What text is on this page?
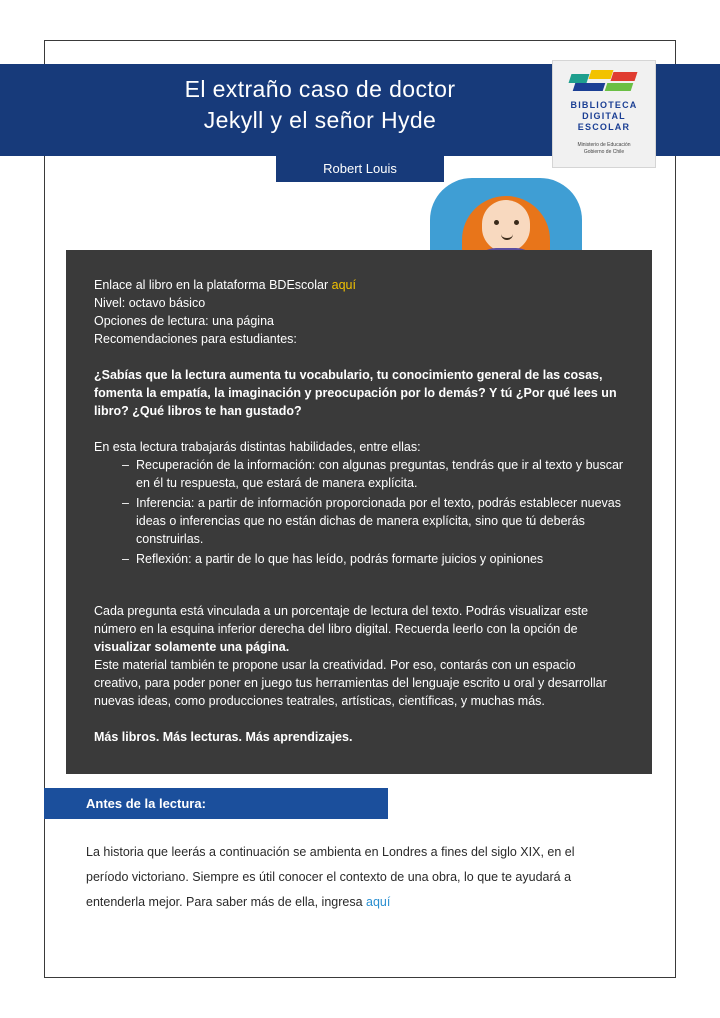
El extraño caso de doctor
Jekyll y el señor Hyde
Robert Louis
BIBLIOTECA
DIGITAL
ESCOLAR
Ministerio de Educación
Gobierno de Chile

Enlace al libro en la plataforma BDEscolar aquí

Nivel: octavo básico

Opciones de lectura: una página

Recomendaciones para estudiantes:

¿Sabías que la lectura aumenta tu vocabulario, tu conocimiento general de las cosas, fomenta la empatía, la imaginación y preocupación por lo demás? Y tú ¿Por qué lees un libro? ¿Qué libros te han gustado?

En esta lectura trabajarás distintas habilidades, entre ellas:

– Recuperación de la información: con algunas preguntas, tendrás que ir al texto y buscar en él tu respuesta, que estará de manera explícita.
– Inferencia: a partir de información proporcionada por el texto, podrás establecer nuevas ideas o inferencias que no están dichas de manera explícita, sino que tú deberás construirlas.
– Reflexión: a partir de lo que has leído, podrás formarte juicios y opiniones

Cada pregunta está vinculada a un porcentaje de lectura del texto. Podrás visualizar este número en la esquina inferior derecha del libro digital. Recuerda leerlo con la opción de visualizar solamente una página.

Este material también te propone usar la creatividad. Por eso, contarás con un espacio creativo, para poder poner en juego tus herramientas del lenguaje escrito u oral y desarrollar nuevas ideas, como producciones teatrales, artísticas, científicas, y muchas más.

Más libros. Más lecturas. Más aprendizajes.

Antes de la lectura:
La historia que leerás a continuación se ambienta en Londres a fines del siglo XIX, en el período victoriano. Siempre es útil conocer el contexto de una obra, lo que te ayudará a entenderla mejor. Para saber más de ella, ingresa aquí
